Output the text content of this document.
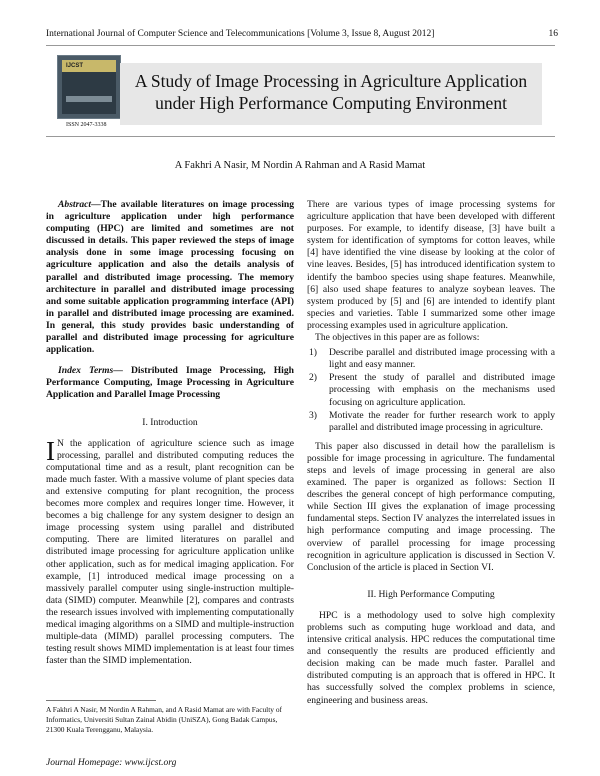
International Journal of Computer Science and Telecommunications [Volume 3, Issue 8, August 2012]	16
IJCST
ISSN 2047-3338
A Study of Image Processing in Agriculture Application
under High Performance Computing Environment
A Fakhri A Nasir, M Nordin A Rahman and A Rasid Mamat

Abstract—The available literatures on image processing in agriculture application under high performance computing (HPC) are limited and sometimes are not discussed in details. This paper reviewed the steps of image analysis done in some image processing focusing on agriculture application and also the details analysis of parallel and distributed image processing. The memory architecture in parallel and distributed image processing and some suitable application programming interface (API) in parallel and distributed image processing are examined. In general, this study provides basic understanding of parallel and distributed image processing for agriculture application.

Index Terms— Distributed Image Processing, High Performance Computing, Image Processing in Agriculture Application and Parallel Image Processing

I. Introduction

I N the application of agriculture science such as image processing, parallel and distributed computing reduces the computational time and as a result, plant recognition can be made much faster. With a massive volume of plant species data and extensive computing for plant recognition, the process becomes more complex and requires longer time. However, it becomes a big challenge for any system designer to design an image processing system using parallel and distributed computing. There are limited literatures on parallel and distributed image processing for agriculture application unlike other application, such as for medical imaging application. For example, [1] introduced medical image processing on a massively parallel computer using single-instruction multiple-data (SIMD) computer. Meanwhile [2], compares and contrasts the research issues involved with implementing computationally medical imaging algorithms on a SIMD and multiple-instruction multiple-data (MIMD) parallel processing computers. The testing result shows MIMD implementation is at least four times faster than the SIMD implementation.

A Fakhri A Nasir, M Nordin A Rahman, and A Rasid Mamat are with Faculty of Informatics, Universiti Sultan Zainal Abidin (UniSZA), Gong Badak Campus, 21300 Kuala Terengganu, Malaysia.

There are various types of image processing systems for agriculture application that have been developed with different purposes. For example, to identify disease, [3] have built a system for identification of symptoms for cotton leaves, while [4] have identified the vine disease by looking at the color of vine leaves. Besides, [5] has introduced identification system to identify the bamboo species using shape features. Meanwhile, [6] also used shape features to analyze soybean leaves. The system produced by [5] and [6] are intended to identify plant species and varieties. Table I summarized some other image processing examples used in agriculture application.

The objectives in this paper are as follows:

1) Describe parallel and distributed image processing with a light and easy manner.
2) Present the study of parallel and distributed image processing with emphasis on the mechanisms used focusing on agriculture application.
3) Motivate the reader for further research work to apply parallel and distributed image processing in agriculture.

This paper also discussed in detail how the parallelism is possible for image processing in agriculture. The fundamental steps and levels of image processing in general are also examined. The paper is organized as follows: Section II describes the general concept of high performance computing, while Section III gives the explanation of image processing fundamental steps. Section IV analyzes the interrelated issues in high performance computing and image processing. The overview of parallel processing for image processing recognition in agriculture application is discussed in Section V. Conclusion of the article is placed in Section VI.

II. High Performance Computing

HPC is a methodology used to solve high complexity problems such as computing huge workload and data, and intensive critical analysis. HPC reduces the computational time and consequently the results are produced efficiently and decision making can be made much faster. Parallel and distributed computing is an approach that is offered in HPC. It has successfully solved the complex problems in science, engineering and business areas.

Journal Homepage: www.ijcst.org
